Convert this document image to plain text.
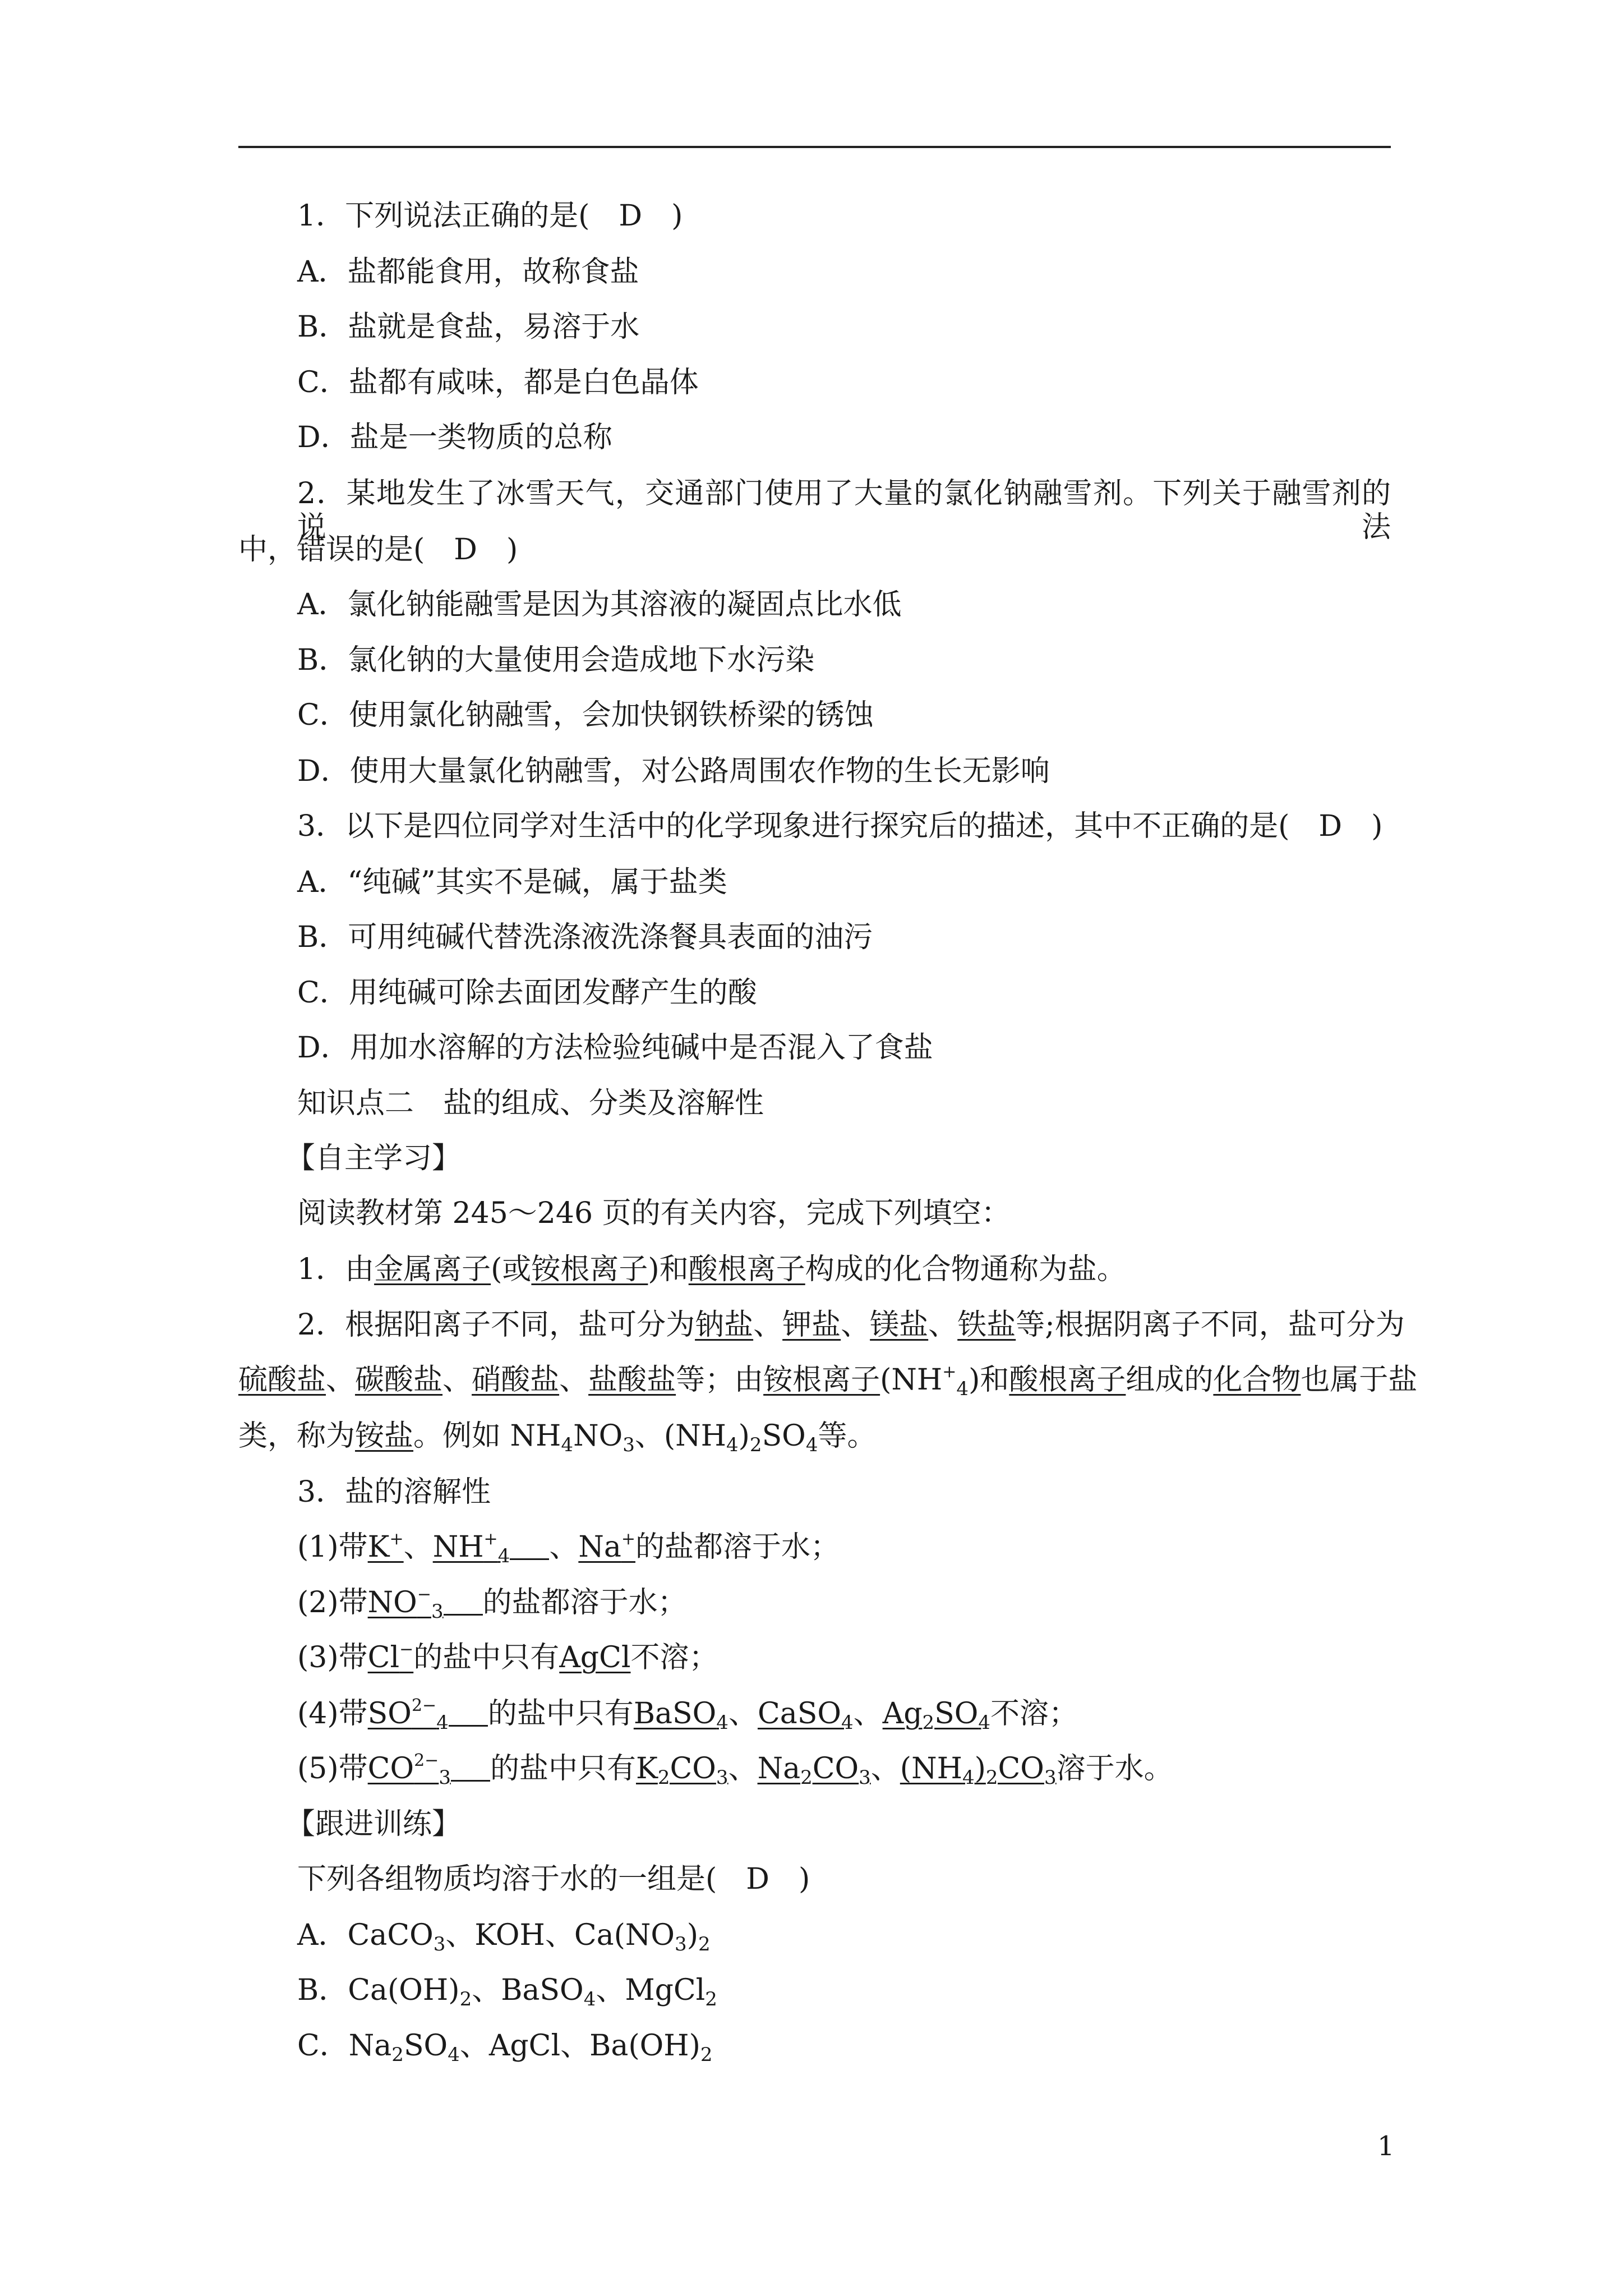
1．下列说法正确的是(　D　)
A．盐都能食用，故称食盐
B．盐就是食盐，易溶于水
C．盐都有咸味，都是白色晶体
D．盐是一类物质的总称
2．某地发生了冰雪天气，交通部门使用了大量的氯化钠融雪剂。下列关于融雪剂的说法
中，错误的是(　D　)
A．氯化钠能融雪是因为其溶液的凝固点比水低
B．氯化钠的大量使用会造成地下水污染
C．使用氯化钠融雪，会加快钢铁桥梁的锈蚀
D．使用大量氯化钠融雪，对公路周围农作物的生长无影响
3．以下是四位同学对生活中的化学现象进行探究后的描述，其中不正确的是(　D　)
A．“纯碱”其实不是碱，属于盐类
B．可用纯碱代替洗涤液洗涤餐具表面的油污
C．用纯碱可除去面团发酵产生的酸
D．用加水溶解的方法检验纯碱中是否混入了食盐
知识点二　盐的组成、分类及溶解性
【自主学习】
阅读教材第 245～246 页的有关内容，完成下列填空：
1．由金属离子(或铵根离子)和酸根离子构成的化合物通称为盐。
2．根据阳离子不同，盐可分为钠盐、钾盐、镁盐、铁盐等;根据阴离子不同，盐可分为
硫酸盐、碳酸盐、硝酸盐、盐酸盐等；由铵根离子$(NH^+_4)$和酸根离子组成的化合物也属于盐
类，称为铵盐。例如 $NH_4NO_3$、$(NH_4)_2SO_4$等。
3．盐的溶解性
(1)带K+、$NH^+_4$ 、Na+的盐都溶于水；
(2)带$NO^-_3$ 的盐都溶于水；
(3)带Cl−的盐中只有AgCl不溶；
(4)带$SO^{2-}_4$ 的盐中只有BaSO$_4$、CaSO$_4$、$Ag_2SO_4$不溶；
(5)带$CO^{2-}_3$ 的盐中只有$K_2CO_3$、$Na_2CO_3$、$(NH_4)_2CO_3$溶于水。
【跟进训练】
下列各组物质均溶于水的一组是(　D　)
A．CaCO$_3$、KOH、$Ca(NO_3)_2$
B．$Ca(OH)_2$、BaSO$_4$、MgCl$_2$
C．$Na_2SO_4$、AgCl、$Ba(OH)_2$
1
